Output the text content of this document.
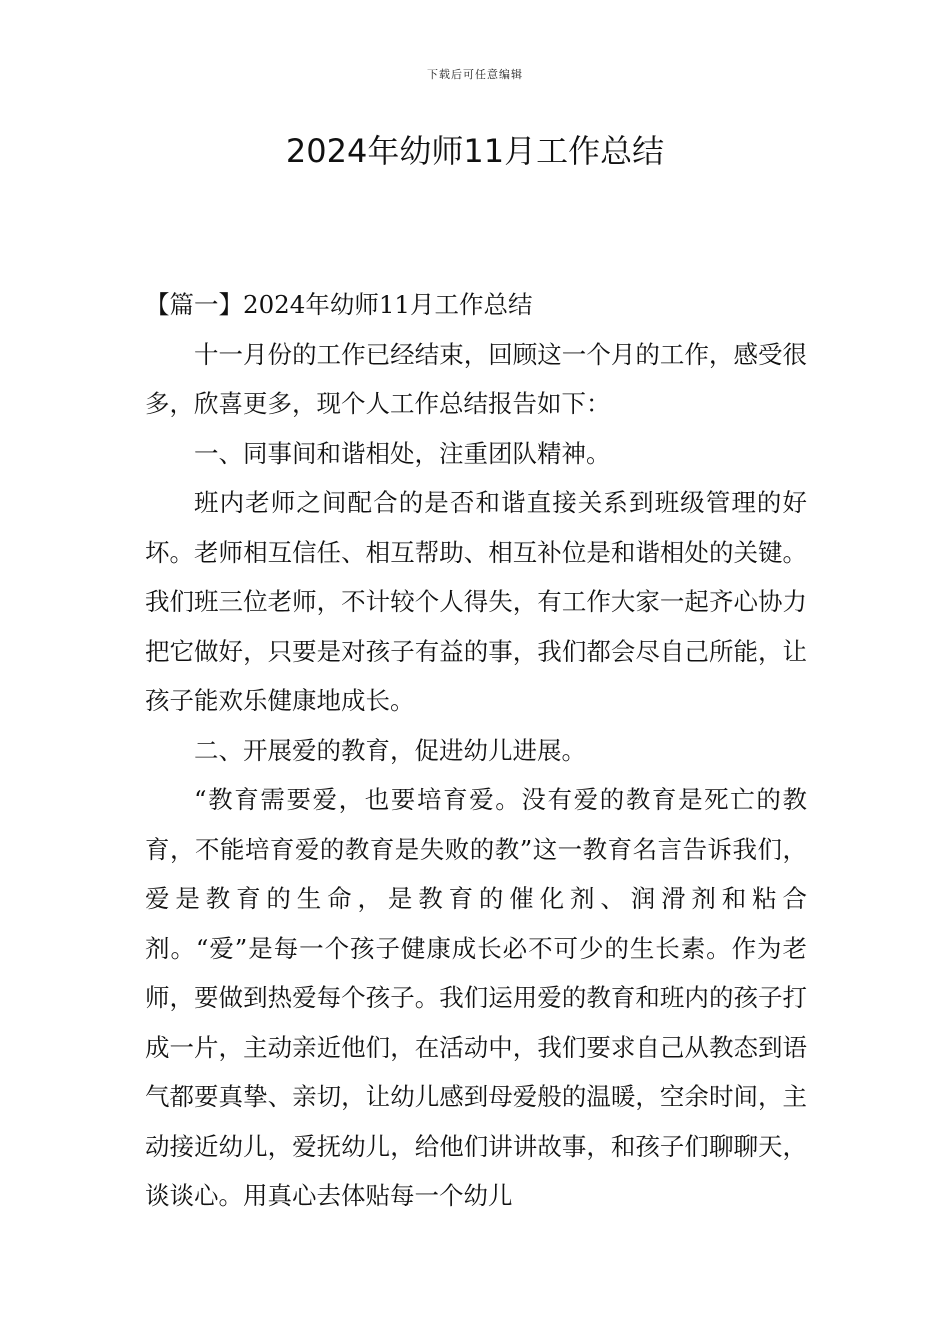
下载后可任意编辑
2024年幼师11月工作总结

【篇一】2024年幼师11月工作总结

十一月份的工作已经结束，回顾这一个月的工作，感受很多，欣喜更多，现个人工作总结报告如下：

一、同事间和谐相处，注重团队精神。

班内老师之间配合的是否和谐直接关系到班级管理的好坏。老师相互信任、相互帮助、相互补位是和谐相处的关键。我们班三位老师，不计较个人得失，有工作大家一起齐心协力把它做好，只要是对孩子有益的事，我们都会尽自己所能，让孩子能欢乐健康地成长。

二、开展爱的教育，促进幼儿进展。

“教育需要爱，也要培育爱。没有爱的教育是死亡的教育，不能培育爱的教育是失败的教”这一教育名言告诉我们，爱是教育的生命，是教育的催化剂、润滑剂和粘合剂。“爱”是每一个孩子健康成长必不可少的生长素。作为老师，要做到热爱每个孩子。我们运用爱的教育和班内的孩子打成一片，主动亲近他们，在活动中，我们要求自己从教态到语气都要真挚、亲切，让幼儿感到母爱般的温暖，空余时间，主动接近幼儿，爱抚幼儿，给他们讲讲故事，和孩子们聊聊天，谈谈心。用真心去体贴每一个幼儿
